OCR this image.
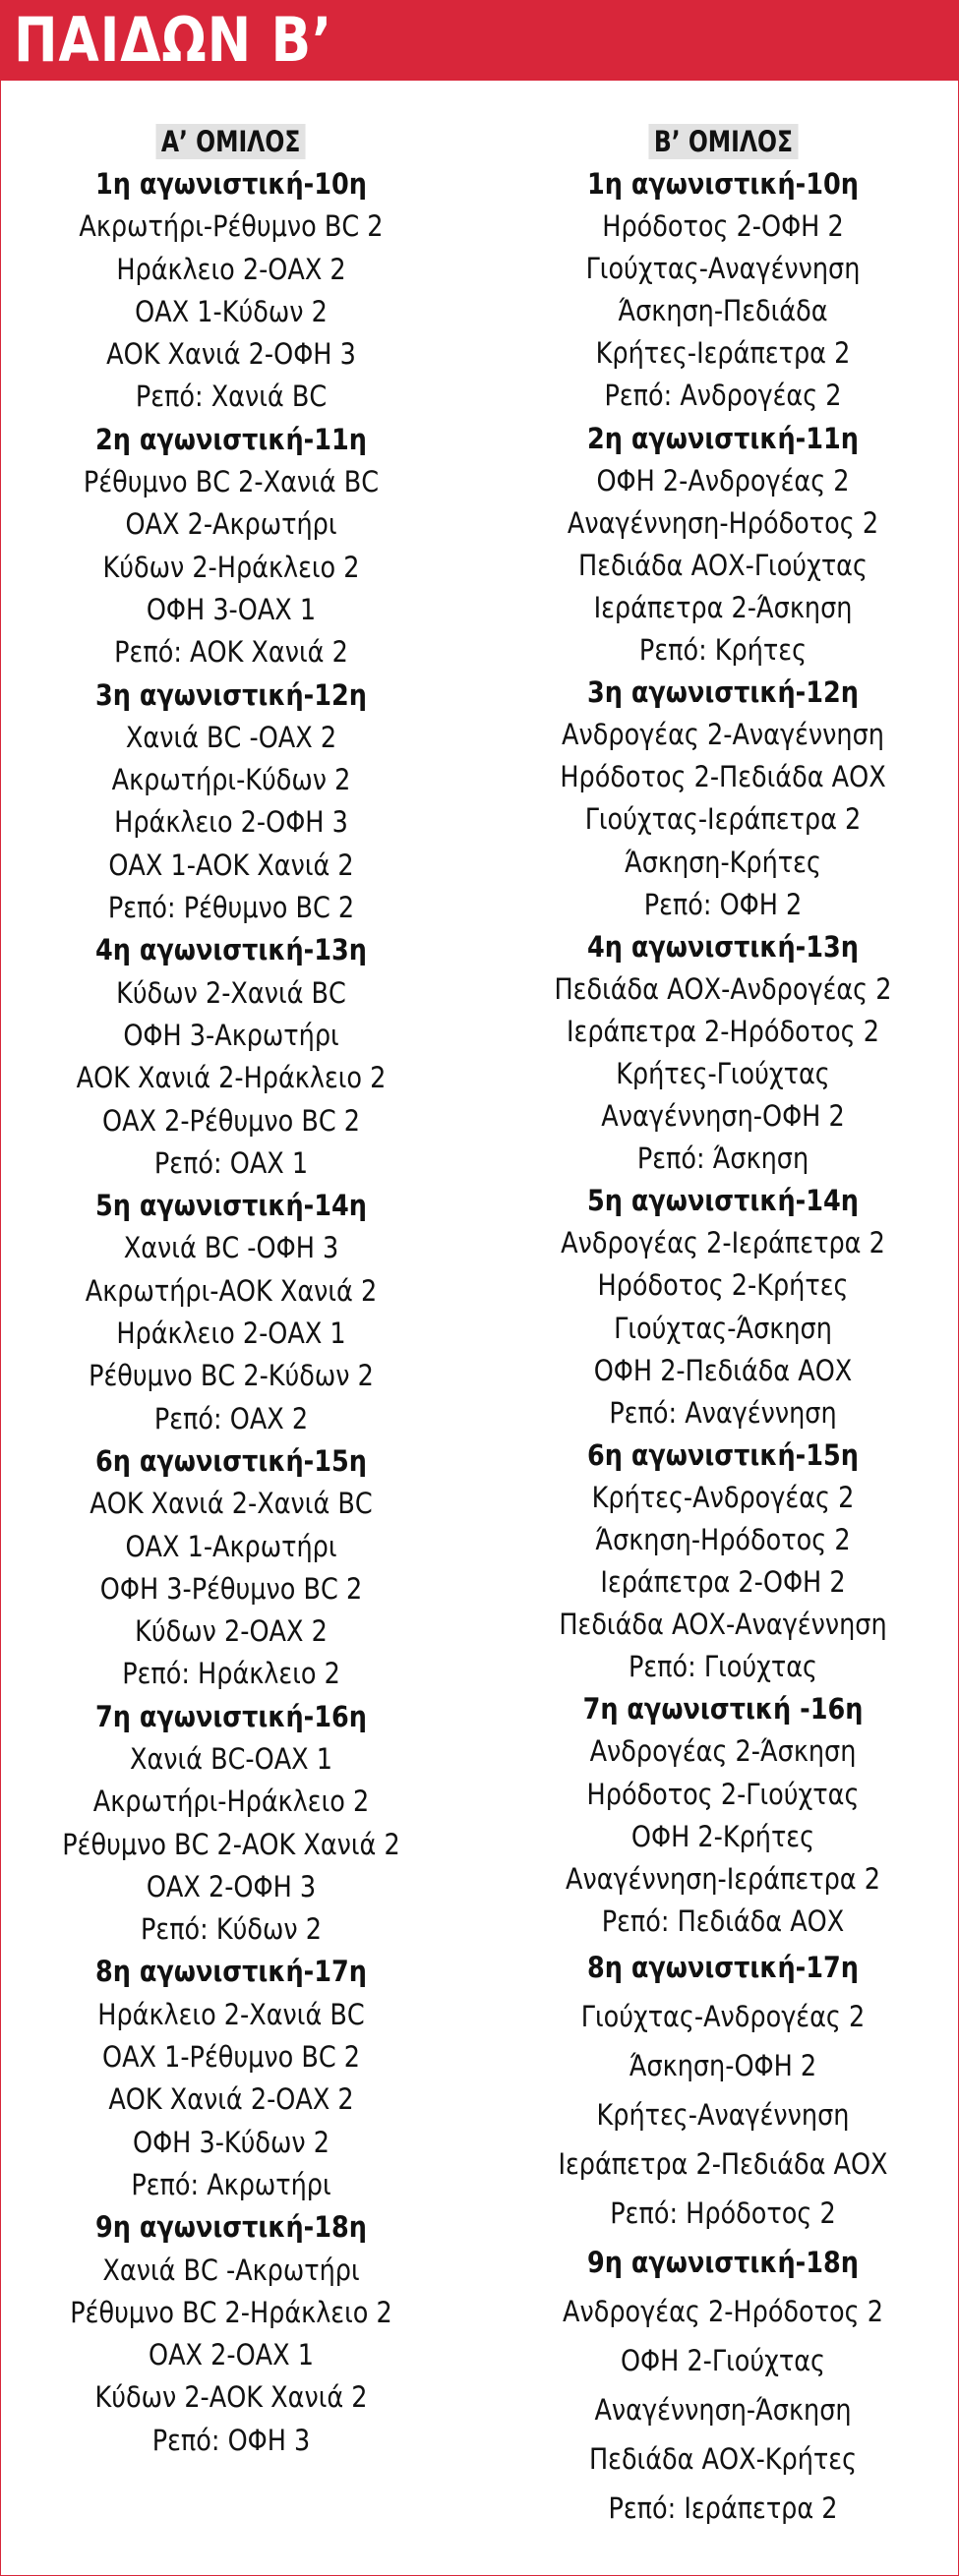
ΠΑΙΔΩΝ Β’
Α’ ΟΜΙΛΟΣ
1η αγωνιστική-10η
Ακρωτήρι-Ρέθυμνο ΒC 2
Ηράκλειο 2-ΟΑΧ 2
ΟΑΧ 1-Κύδων 2
ΑΟΚ Χανιά 2-ΟΦΗ 3
Ρεπό: Χανιά ΒC
2η αγωνιστική-11η
Ρέθυμνο ΒC 2-Χανιά ΒC
ΟΑΧ 2-Ακρωτήρι
Κύδων 2-Ηράκλειο 2
ΟΦΗ 3-ΟΑΧ 1
Ρεπό: ΑΟΚ Χανιά 2
3η αγωνιστική-12η
Χανιά ΒC -ΟΑΧ 2
Ακρωτήρι-Κύδων 2
Ηράκλειο 2-ΟΦΗ 3
ΟΑΧ 1-ΑΟΚ Χανιά 2
Ρεπό: Ρέθυμνο ΒC 2
4η αγωνιστική-13η
Κύδων 2-Χανιά ΒC
ΟΦΗ 3-Ακρωτήρι
ΑΟΚ Χανιά 2-Ηράκλειο 2
ΟΑΧ 2-Ρέθυμνο ΒC 2
Ρεπό: ΟΑΧ 1
5η αγωνιστική-14η
Χανιά ΒC -ΟΦΗ 3
Ακρωτήρι-ΑΟΚ Χανιά 2
Ηράκλειο 2-ΟΑΧ 1
Ρέθυμνο ΒC 2-Κύδων 2
Ρεπό: ΟΑΧ 2
6η αγωνιστική-15η
ΑΟΚ Χανιά 2-Χανιά ΒC
ΟΑΧ 1-Ακρωτήρι
ΟΦΗ 3-Ρέθυμνο ΒC 2
Κύδων 2-ΟΑΧ 2
Ρεπό: Ηράκλειο 2
7η αγωνιστική-16η
Χανιά ΒC-ΟΑΧ 1
Ακρωτήρι-Ηράκλειο 2
Ρέθυμνο ΒC 2-ΑΟΚ Χανιά 2
ΟΑΧ 2-ΟΦΗ 3
Ρεπό: Κύδων 2
8η αγωνιστική-17η
Ηράκλειο 2-Χανιά ΒC
ΟΑΧ 1-Ρέθυμνο ΒC 2
ΑΟΚ Χανιά 2-ΟΑΧ 2
ΟΦΗ 3-Κύδων 2
Ρεπό: Ακρωτήρι
9η αγωνιστική-18η
Χανιά ΒC -Ακρωτήρι
Ρέθυμνο ΒC 2-Ηράκλειο 2
ΟΑΧ 2-ΟΑΧ 1
Κύδων 2-ΑΟΚ Χανιά 2
Ρεπό: ΟΦΗ 3
Β’ ΟΜΙΛΟΣ
1η αγωνιστική-10η
Ηρόδοτος 2-ΟΦΗ 2
Γιούχτας-Αναγέννηση
Άσκηση-Πεδιάδα
Κρήτες-Ιεράπετρα 2
Ρεπό: Ανδρογέας 2
2η αγωνιστική-11η
ΟΦΗ 2-Ανδρογέας 2
Αναγέννηση-Ηρόδοτος 2
Πεδιάδα ΑΟΧ-Γιούχτας
Ιεράπετρα 2-Άσκηση
Ρεπό: Κρήτες
3η αγωνιστική-12η
Ανδρογέας 2-Αναγέννηση
Ηρόδοτος 2-Πεδιάδα ΑΟΧ
Γιούχτας-Ιεράπετρα 2
Άσκηση-Κρήτες
Ρεπό: ΟΦΗ 2
4η αγωνιστική-13η
Πεδιάδα ΑΟΧ-Ανδρογέας 2
Ιεράπετρα 2-Ηρόδοτος 2
Κρήτες-Γιούχτας
Αναγέννηση-ΟΦΗ 2
Ρεπό: Άσκηση
5η αγωνιστική-14η
Ανδρογέας 2-Ιεράπετρα 2
Ηρόδοτος 2-Κρήτες
Γιούχτας-Άσκηση
ΟΦΗ 2-Πεδιάδα ΑΟΧ
Ρεπό: Αναγέννηση
6η αγωνιστική-15η
Κρήτες-Ανδρογέας 2
Άσκηση-Ηρόδοτος 2
Ιεράπετρα 2-ΟΦΗ 2
Πεδιάδα ΑΟΧ-Αναγέννηση
Ρεπό: Γιούχτας
7η αγωνιστική -16η
Ανδρογέας 2-Άσκηση
Ηρόδοτος 2-Γιούχτας
ΟΦΗ 2-Κρήτες
Αναγέννηση-Ιεράπετρα 2
Ρεπό: Πεδιάδα ΑΟΧ
8η αγωνιστική-17η
Γιούχτας-Ανδρογέας 2
Άσκηση-ΟΦΗ 2
Κρήτες-Αναγέννηση
Ιεράπετρα 2-Πεδιάδα ΑΟΧ
Ρεπό: Ηρόδοτος 2
9η αγωνιστική-18η
Ανδρογέας 2-Ηρόδοτος 2
ΟΦΗ 2-Γιούχτας
Αναγέννηση-Άσκηση
Πεδιάδα ΑΟΧ-Κρήτες
Ρεπό: Ιεράπετρα 2
